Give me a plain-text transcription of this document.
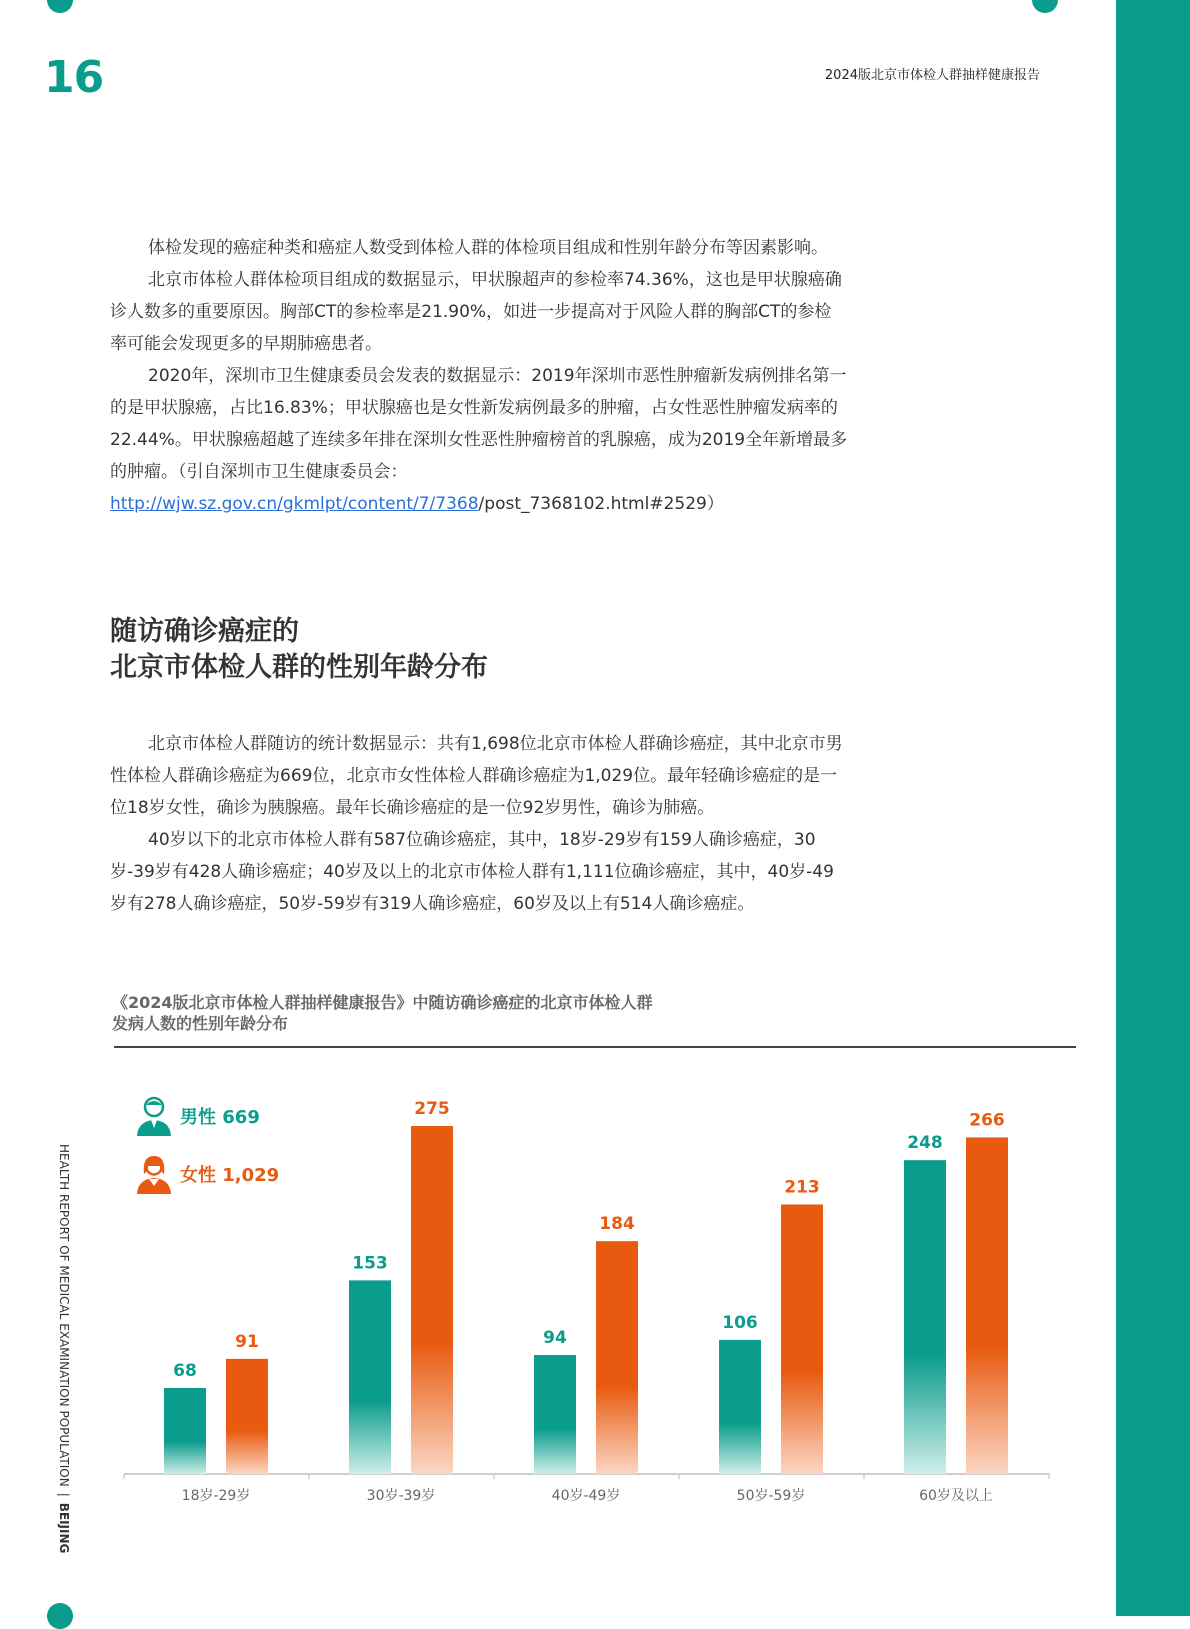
16	2024版北京市体检人群抽样健康报告

体检发现的癌症种类和癌症人数受到体检人群的体检项目组成和性别年龄分布等因素影响。

北京市体检人群体检项目组成的数据显示，甲状腺超声的参检率74.36%，这也是甲状腺癌确诊人数多的重要原因。胸部CT的参检率是21.90%，如进一步提高对于风险人群的胸部CT的参检率可能会发现更多的早期肺癌患者。

2020年，深圳市卫生健康委员会发表的数据显示：2019年深圳市恶性肿瘤新发病例排名第一的是甲状腺癌，占比16.83%；甲状腺癌也是女性新发病例最多的肿瘤，占女性恶性肿瘤发病率的22.44%。甲状腺癌超越了连续多年排在深圳女性恶性肿瘤榜首的乳腺癌，成为2019全年新增最多的肿瘤。（引自深圳市卫生健康委员会：
http://wjw.sz.gov.cn/gkmlpt/content/7/7368/post_7368102.html#2529）

随访确诊癌症的
北京市体检人群的性别年龄分布

北京市体检人群随访的统计数据显示：共有1,698位北京市体检人群确诊癌症，其中北京市男性体检人群确诊癌症为669位，北京市女性体检人群确诊癌症为1,029位。最年轻确诊癌症的是一位18岁女性，确诊为胰腺癌。最年长确诊癌症的是一位92岁男性，确诊为肺癌。

40岁以下的北京市体检人群有587位确诊癌症，其中，18岁-29岁有159人确诊癌症，30岁-39岁有428人确诊癌症；40岁及以上的北京市体检人群有1,111位确诊癌症，其中，40岁-49岁有278人确诊癌症，50岁-59岁有319人确诊癌症，60岁及以上有514人确诊癌症。

《2024版北京市体检人群抽样健康报告》中随访确诊癌症的北京市体检人群
发病人数的性别年龄分布
男性 669
女性 1,029
68
91
18岁-29岁
153
275
30岁-39岁
94
184
40岁-49岁
106
213
50岁-59岁
248
266
60岁及以上
HEALTH REPORT OF MEDICAL EXAMINATION POPULATION|BEIJING
